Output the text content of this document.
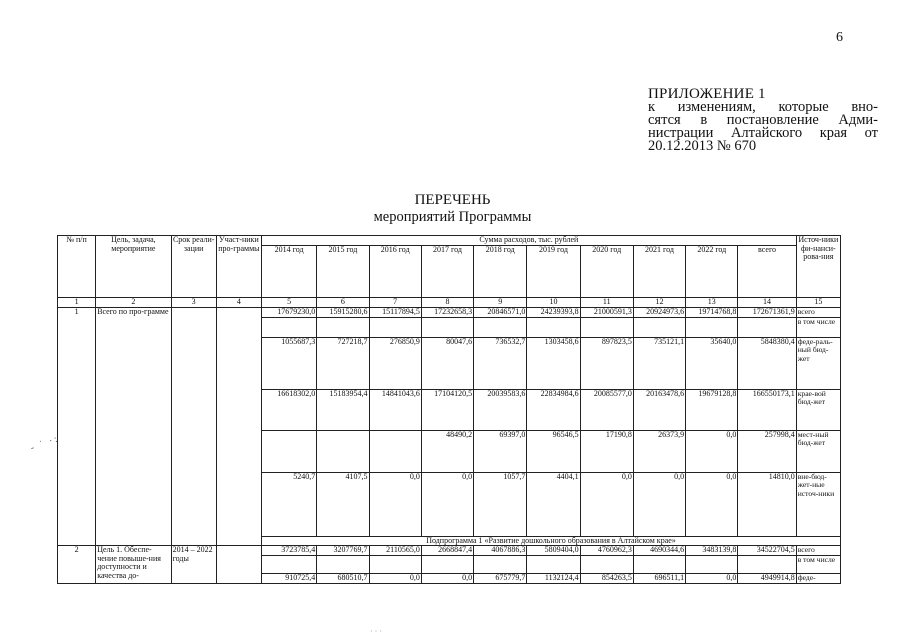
6
ПРИЛОЖЕНИЕ 1
к изменениям, которые вно-
сятся в постановление Адми-
нистрации Алтайского края от
20.12.2013 № 670
ПЕРЕЧЕНЬ
мероприятий Программы
№ п/п	Цель, задача, мероприятие	Срок реали-зации	Участ-ники про-граммы	Сумма расходов, тыс. рублей										Источ-ники фи-нанси-рова-ния
				2014 год	2015 год	2016 год	2017 год	2018 год	2019 год	2020 год	2021 год	2022 год	всего	
1	2	3	4	5	6	7	8	9	10	11	12	13	14	15
1	Всего по про-грамме			17679230,0	15915280,6	15117894,5	17232658,3	20846571,0	24239393,8	21000591,3	20924973,6	19714768,8	172671361,9	всего
														в том числе
				1055687,3	727218,7	276850,9	80047,6	736532,7	1303458,6	897823,5	735121,1	35640,0	5848380,4	феде-раль-ный бюд-жет
				16618302,0	15183954,4	14841043,6	17104120,5	20039583,6	22834984,6	20085577,0	20163478,6	19679128,8	166550173,1	крае-вой бюд-жет
							48490,2	69397,0	96546,5	17190,8	26373,9	0,0	257998,4	мест-ный бюд-жет
				5240,7	4107,5	0,0	0,0	1057,7	4404,1	0,0	0,0	0,0	14810,0	вне-бюд-жет-ные источ-ники
				Подпрограмма 1 «Развитие дошкольного образования в Алтайском крае»										
2	Цель 1. Обеспе-чение повыше-ния доступности и качества до-	2014 – 2022 годы		3723785,4	3207769,7	2110565,0	2668847,4	4067886,3	5809404,0	4760962,3	4690344,6	3483139,8	34522704,5	всего
														в том числе
				910725,4	680510,7	0,0	0,0	675779,7	1132124,4	854263,5	696511,1	0,0	4949914,8	феде-
- ˙ ·:
· · ·
